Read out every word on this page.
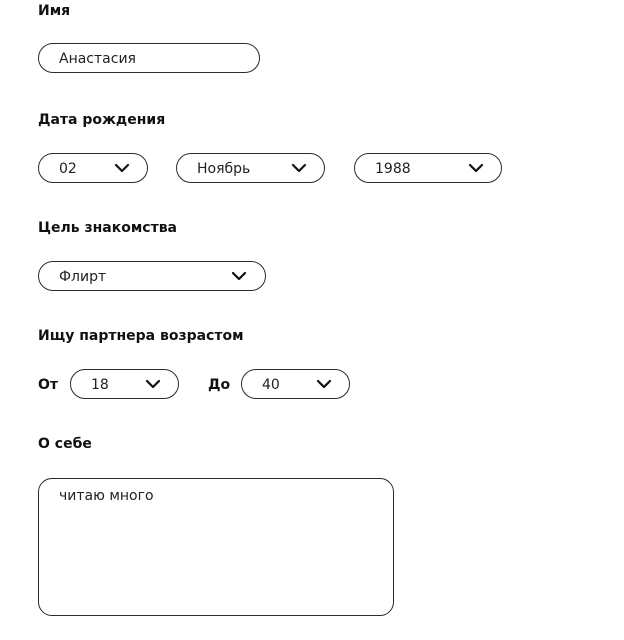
Имя
Анастасия
Дата рождения
02	Ноябрь	1988
Цель знакомства
Флирт
Ищу партнера возрастом
От 18	До 40
О себе
читаю много
